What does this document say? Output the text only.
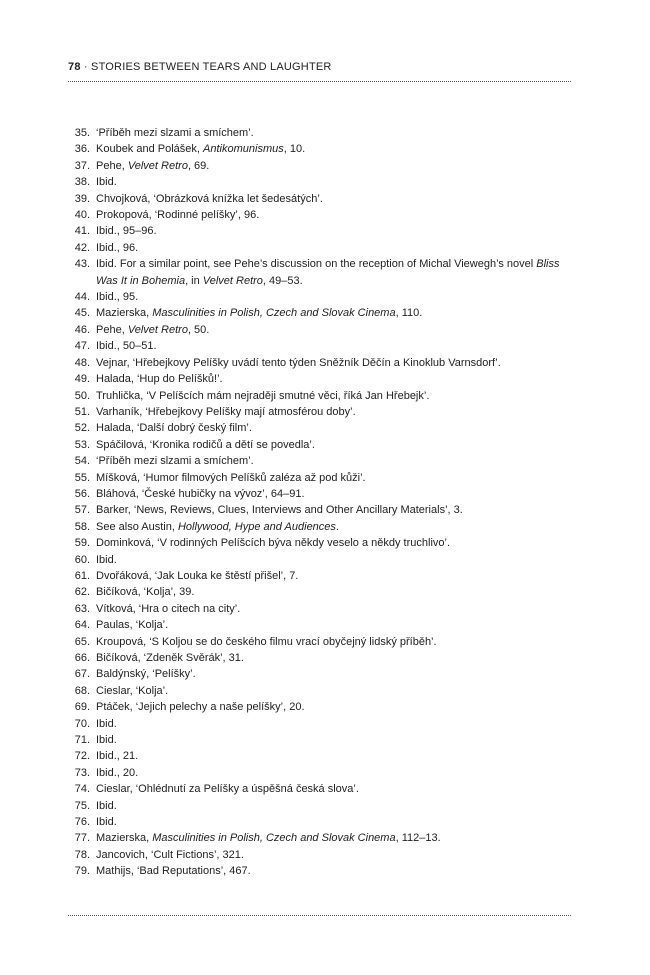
78 · STORIES BETWEEN TEARS AND LAUGHTER
35. ‘Příběh mezi slzami a smíchem’.
36. Koubek and Polášek, Antikomunismus, 10.
37. Pehe, Velvet Retro, 69.
38. Ibid.
39. Chvojková, ‘Obrázková knížka let šedesátých’.
40. Prokopová, ‘Rodinné pelíšky’, 96.
41. Ibid., 95–96.
42. Ibid., 96.
43. Ibid. For a similar point, see Pehe’s discussion on the reception of Michal Viewegh’s novel Bliss Was It in Bohemia, in Velvet Retro, 49–53.
44. Ibid., 95.
45. Mazierska, Masculinities in Polish, Czech and Slovak Cinema, 110.
46. Pehe, Velvet Retro, 50.
47. Ibid., 50–51.
48. Vejnar, ‘Hřebejkovy Pelíšky uvádí tento týden Sněžník Děčín a Kinoklub Varnsdorf’.
49. Halada, ‘Hup do Pelíšků!’.
50. Truhlička, ‘V Pelíšcích mám nejraději smutné věci, říká Jan Hřebejk’.
51. Varhaník, ‘Hřebejkovy Pelíšky mají atmosférou doby’.
52. Halada, ‘Další dobrý český film’.
53. Spáčilová, ‘Kronika rodičů a dětí se povedla’.
54. ‘Příběh mezi slzami a smíchem’.
55. Míšková, ‘Humor filmových Pelíšků zaléza až pod kůži’.
56. Bláhová, ‘České hubičky na vývoz’, 64–91.
57. Barker, ‘News, Reviews, Clues, Interviews and Other Ancillary Materials’, 3.
58. See also Austin, Hollywood, Hype and Audiences.
59. Dominková, ‘V rodinných Pelíšcích býva někdy veselo a někdy truchlivo’.
60. Ibid.
61. Dvořáková, ‘Jak Louka ke štěstí přišel’, 7.
62. Bičíková, ‘Kolja’, 39.
63. Vítková, ‘Hra o citech na city’.
64. Paulas, ‘Kolja’.
65. Kroupová, ‘S Koljou se do českého filmu vrací obyčejný lidský příběh’.
66. Bičíková, ‘Zdeněk Svěrák’, 31.
67. Baldýnský, ‘Pelíšky’.
68. Cieslar, ‘Kolja’.
69. Ptáček, ‘Jejich pelechy a naše pelíšky’, 20.
70. Ibid.
71. Ibid.
72. Ibid., 21.
73. Ibid., 20.
74. Cieslar, ‘Ohlédnutí za Pelíšky a úspěšná česká slova’.
75. Ibid.
76. Ibid.
77. Mazierska, Masculinities in Polish, Czech and Slovak Cinema, 112–13.
78. Jancovich, ‘Cult Fictions’, 321.
79. Mathijs, ‘Bad Reputations’, 467.
